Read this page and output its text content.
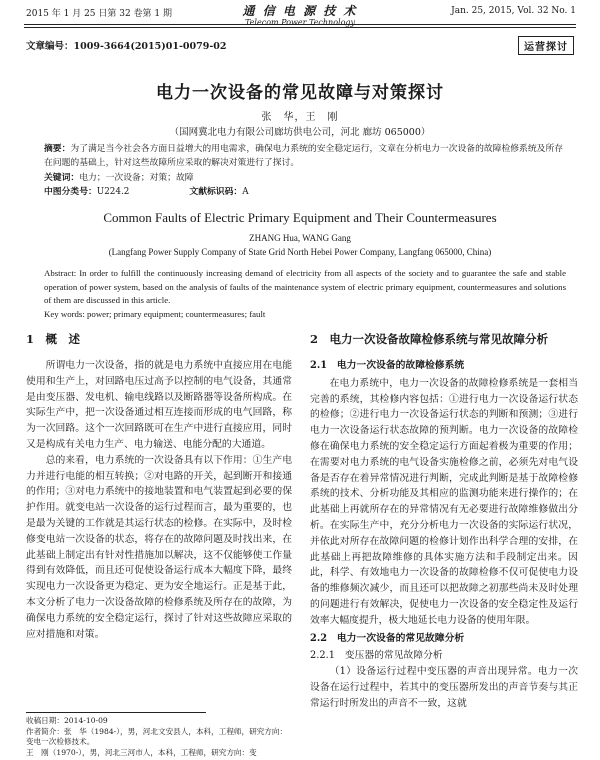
2015 年 1 月 25 日第 32 卷第 1 期	通 信 电 源 技 术
Telecom Power Technology
Jan. 25, 2015, Vol. 32 No. 1
文章编号：1009-3664(2015)01-0079-02	运营探讨
电力一次设备的常见故障与对策探讨
张　华，王　刚
（国网冀北电力有限公司廊坊供电公司，河北 廊坊 065000）
摘要：为了满足当今社会各方面日益增大的用电需求，确保电力系统的安全稳定运行，文章在分析电力一次设备的故障检修系统及所存在问题的基础上，针对这些故障所应采取的解决对策进行了探讨。
关键词：电力；一次设备；对策；故障
中图分类号：U224.2	文献标识码：A
Common Faults of Electric Primary Equipment and Their Countermeasures
ZHANG Hua, WANG Gang
(Langfang Power Supply Company of State Grid North Hebei Power Company, Langfang 065000, China)
Abstract: In order to fulfill the continuously increasing demand of electricity from all aspects of the society and to guarantee the safe and stable operation of power system, based on the analysis of faults of the maintenance system of electric primary equipment, countermeasures and solutions of them are discussed in this article.
Key words: power; primary equipment; countermeasures; fault
1　概　述

所谓电力一次设备，指的就是电力系统中直接应用在电能使用和生产上，对回路电压过高予以控制的电气设备，其通常是由变压器、发电机、输电线路以及断路器等设备所构成。在实际生产中，把一次设备通过相互连接而形成的电气回路，称为一次回路。这个一次回路既可在生产中进行直接应用，同时又是构成有关电力生产、电力输送、电能分配的大通道。

总的来看，电力系统的一次设备具有以下作用：①生产电力并进行电能的相互转换；②对电路的开关，起到断开和接通的作用；③对电力系统中的接地装置和电气装置起到必要的保护作用。就变电站一次设备的运行过程而言，最为重要的，也是最为关键的工作就是其运行状态的检修。在实际中，及时检修变电站一次设备的状态，将存在的故障问题及时找出来，在此基础上制定出有针对性措施加以解决，这不仅能够使工作量得到有效降低，而且还可促使设备运行成本大幅度下降，最终实现电力一次设备更为稳定、更为安全地运行。正是基于此，本文分析了电力一次设备故障的检修系统及所存在的故障，为确保电力系统的安全稳定运行，探讨了针对这些故障应采取的应对措施和对策。

2　电力一次设备故障检修系统与常见故障分析
2.1　电力一次设备的故障检修系统

在电力系统中，电力一次设备的故障检修系统是一套相当完善的系统，其检修内容包括：①进行电力一次设备运行状态的检修；②进行电力一次设备运行状态的判断和预测；③进行电力一次设备运行状态故障的预判断。电力一次设备的故障检修在确保电力系统的安全稳定运行方面起着极为重要的作用；在需要对电力系统的电气设备实施检修之前，必须先对电气设备是否存在着异常情况进行判断，完成此判断是基于故障检修系统的技术、分析功能及其相应的监测功能来进行操作的；在此基础上再就所存在的异常情况有无必要进行故障维修做出分析。在实际生产中，充分分析电力一次设备的实际运行状况，并依此对所存在故障问题的检修计划作出科学合理的安排，在此基础上再把故障维修的具体实施方法和手段制定出来。因此，科学、有效地电力一次设备的故障检修不仅可促使电力设备的维修频次减少，而且还可以把故障之初那些尚未及时处理的问题进行有效解决，促使电力一次设备的安全稳定性及运行效率大幅度提升，极大地延长电力设备的使用年限。

2.2　电力一次设备的常见故障分析
2.2.1　变压器的常见故障分析

（1）设备运行过程中变压器的声音出现异常。电力一次设备在运行过程中，若其中的变压器所发出的声音节奏与其正常运行时所发出的声音不一致，这就

收稿日期：2014-10-09
作者简介：张　华（1984-），男，河北文安县人，本科，工程师，研究方向：变电一次检修技术。
王　刚（1970-），男，河北三河市人，本科，工程师，研究方向：变
